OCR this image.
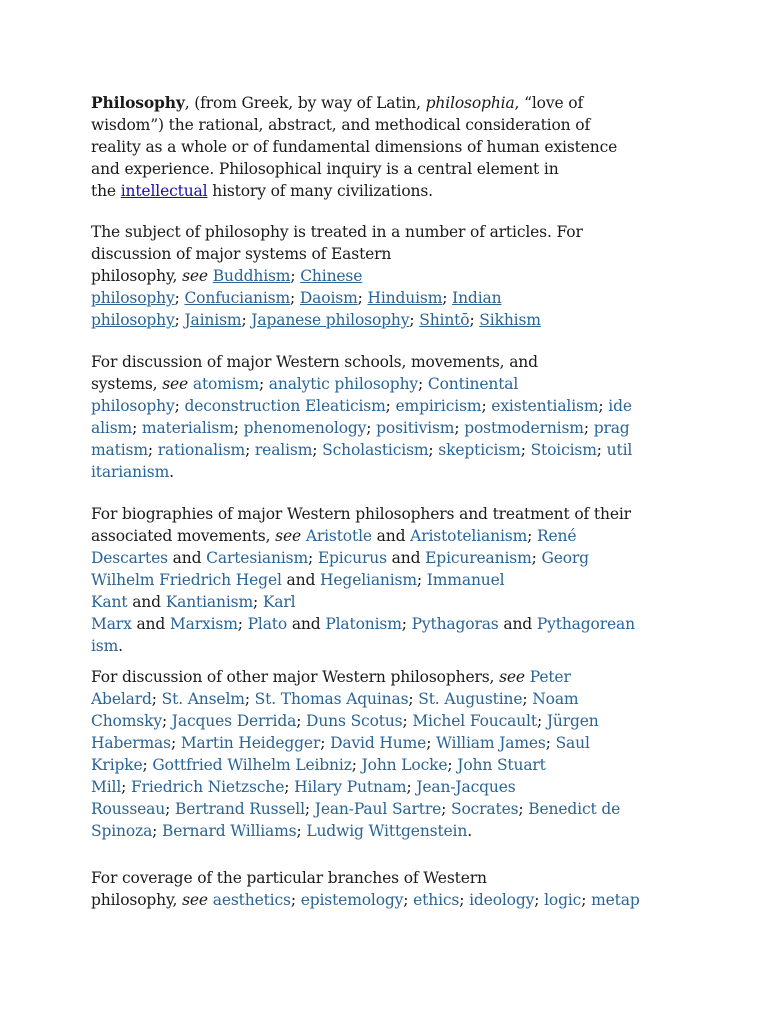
Philosophy, (from Greek, by way of Latin, philosophia, “love of
wisdom”) the rational, abstract, and methodical consideration of
reality as a whole or of fundamental dimensions of human existence
and experience. Philosophical inquiry is a central element in
the intellectual history of many civilizations.

The subject of philosophy is treated in a number of articles. For
discussion of major systems of Eastern
philosophy, see Buddhism; Chinese
philosophy; Confucianism; Daoism; Hinduism; Indian
philosophy; Jainism; Japanese philosophy; Shintō; Sikhism

For discussion of major Western schools, movements, and
systems, see atomism; analytic philosophy; Continental
philosophy; deconstruction Eleaticism; empiricism; existentialism; ide
alism; materialism; phenomenology; positivism; postmodernism; prag
matism; rationalism; realism; Scholasticism; skepticism; Stoicism; util
itarianism.

For biographies of major Western philosophers and treatment of their
associated movements, see Aristotle and Aristotelianism; René
Descartes and Cartesianism; Epicurus and Epicureanism; Georg
Wilhelm Friedrich Hegel and Hegelianism; Immanuel
Kant and Kantianism; Karl
Marx and Marxism; Plato and Platonism; Pythagoras and Pythagorean
ism.

For discussion of other major Western philosophers, see Peter
Abelard; St. Anselm; St. Thomas Aquinas; St. Augustine; Noam
Chomsky; Jacques Derrida; Duns Scotus; Michel Foucault; Jürgen
Habermas; Martin Heidegger; David Hume; William James; Saul
Kripke; Gottfried Wilhelm Leibniz; John Locke; John Stuart
Mill; Friedrich Nietzsche; Hilary Putnam; Jean-Jacques
Rousseau; Bertrand Russell; Jean-Paul Sartre; Socrates; Benedict de
Spinoza; Bernard Williams; Ludwig Wittgenstein.

For coverage of the particular branches of Western
philosophy, see aesthetics; epistemology; ethics; ideology; logic; metap
